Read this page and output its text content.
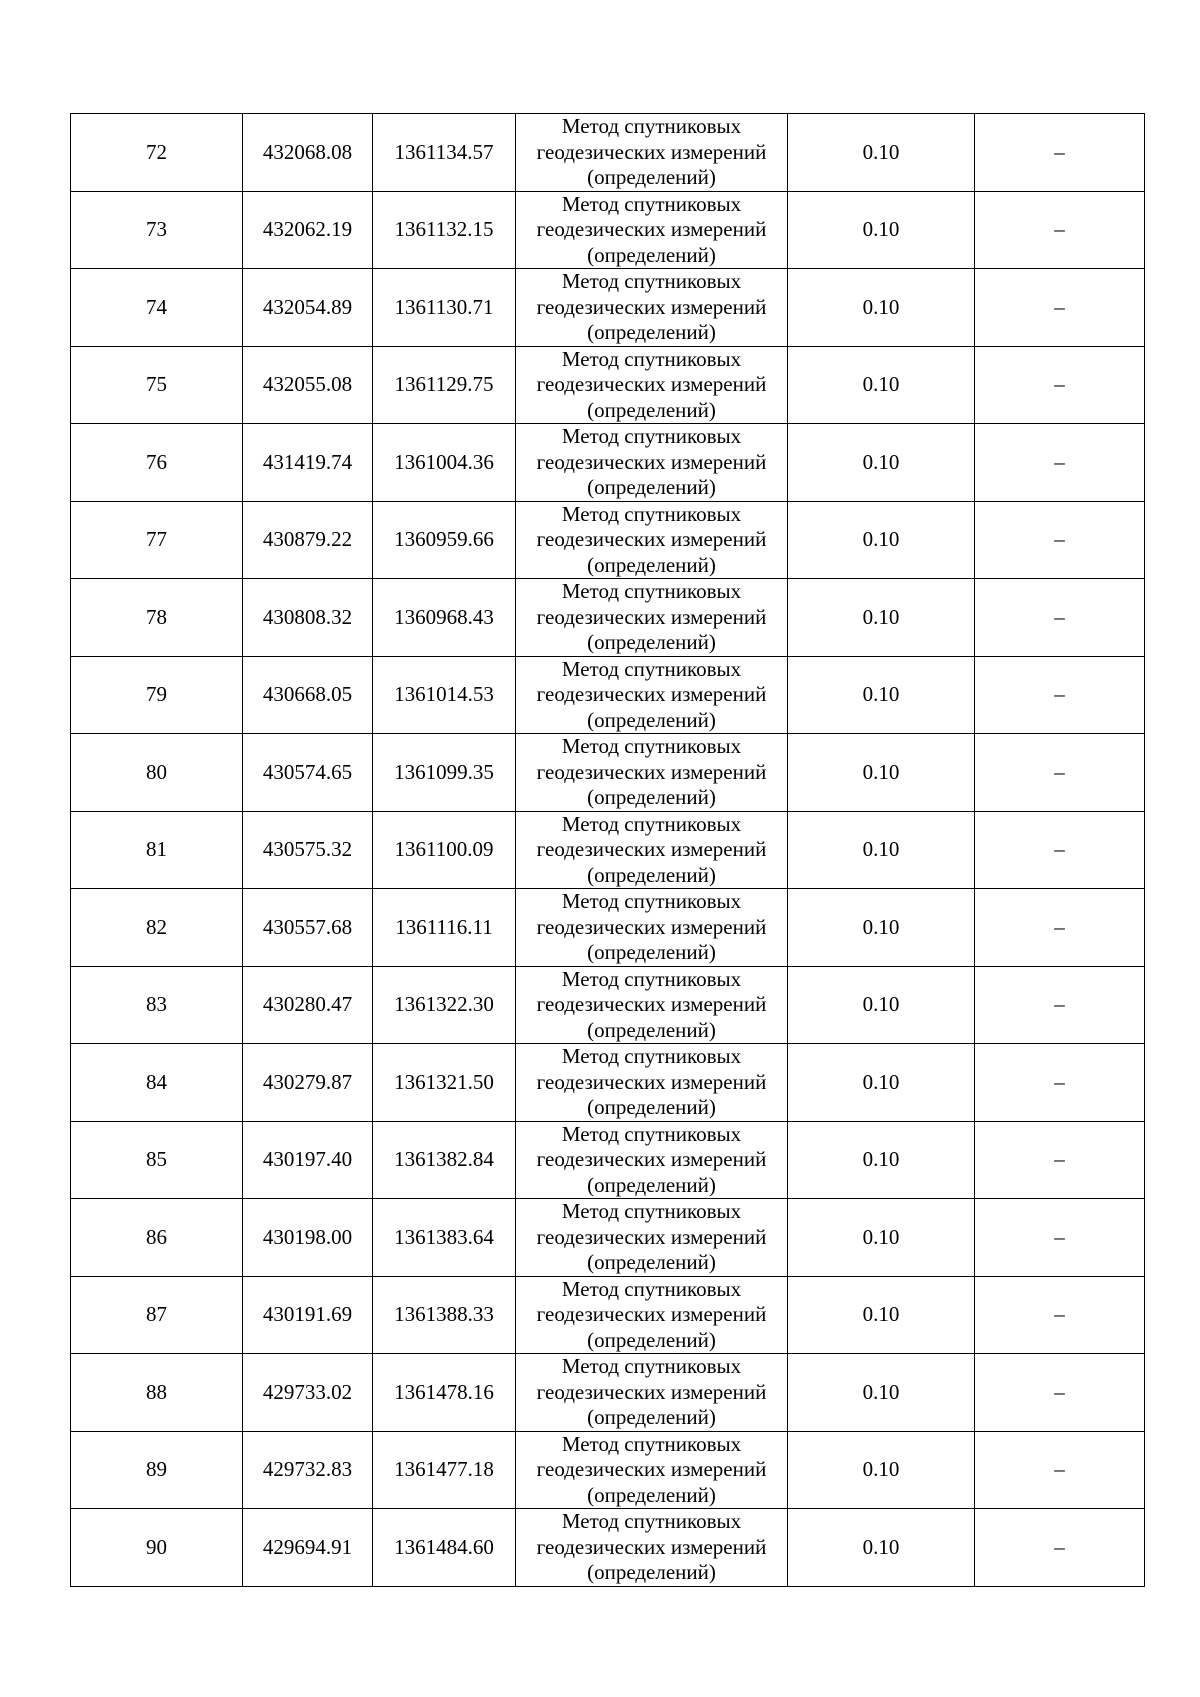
72	432068.08	1361134.57	Метод спутниковых
геодезических измерений
(определений)	0.10	–
73	432062.19	1361132.15	Метод спутниковых
геодезических измерений
(определений)	0.10	–
74	432054.89	1361130.71	Метод спутниковых
геодезических измерений
(определений)	0.10	–
75	432055.08	1361129.75	Метод спутниковых
геодезических измерений
(определений)	0.10	–
76	431419.74	1361004.36	Метод спутниковых
геодезических измерений
(определений)	0.10	–
77	430879.22	1360959.66	Метод спутниковых
геодезических измерений
(определений)	0.10	–
78	430808.32	1360968.43	Метод спутниковых
геодезических измерений
(определений)	0.10	–
79	430668.05	1361014.53	Метод спутниковых
геодезических измерений
(определений)	0.10	–
80	430574.65	1361099.35	Метод спутниковых
геодезических измерений
(определений)	0.10	–
81	430575.32	1361100.09	Метод спутниковых
геодезических измерений
(определений)	0.10	–
82	430557.68	1361116.11	Метод спутниковых
геодезических измерений
(определений)	0.10	–
83	430280.47	1361322.30	Метод спутниковых
геодезических измерений
(определений)	0.10	–
84	430279.87	1361321.50	Метод спутниковых
геодезических измерений
(определений)	0.10	–
85	430197.40	1361382.84	Метод спутниковых
геодезических измерений
(определений)	0.10	–
86	430198.00	1361383.64	Метод спутниковых
геодезических измерений
(определений)	0.10	–
87	430191.69	1361388.33	Метод спутниковых
геодезических измерений
(определений)	0.10	–
88	429733.02	1361478.16	Метод спутниковых
геодезических измерений
(определений)	0.10	–
89	429732.83	1361477.18	Метод спутниковых
геодезических измерений
(определений)	0.10	–
90	429694.91	1361484.60	Метод спутниковых
геодезических измерений
(определений)	0.10	–
